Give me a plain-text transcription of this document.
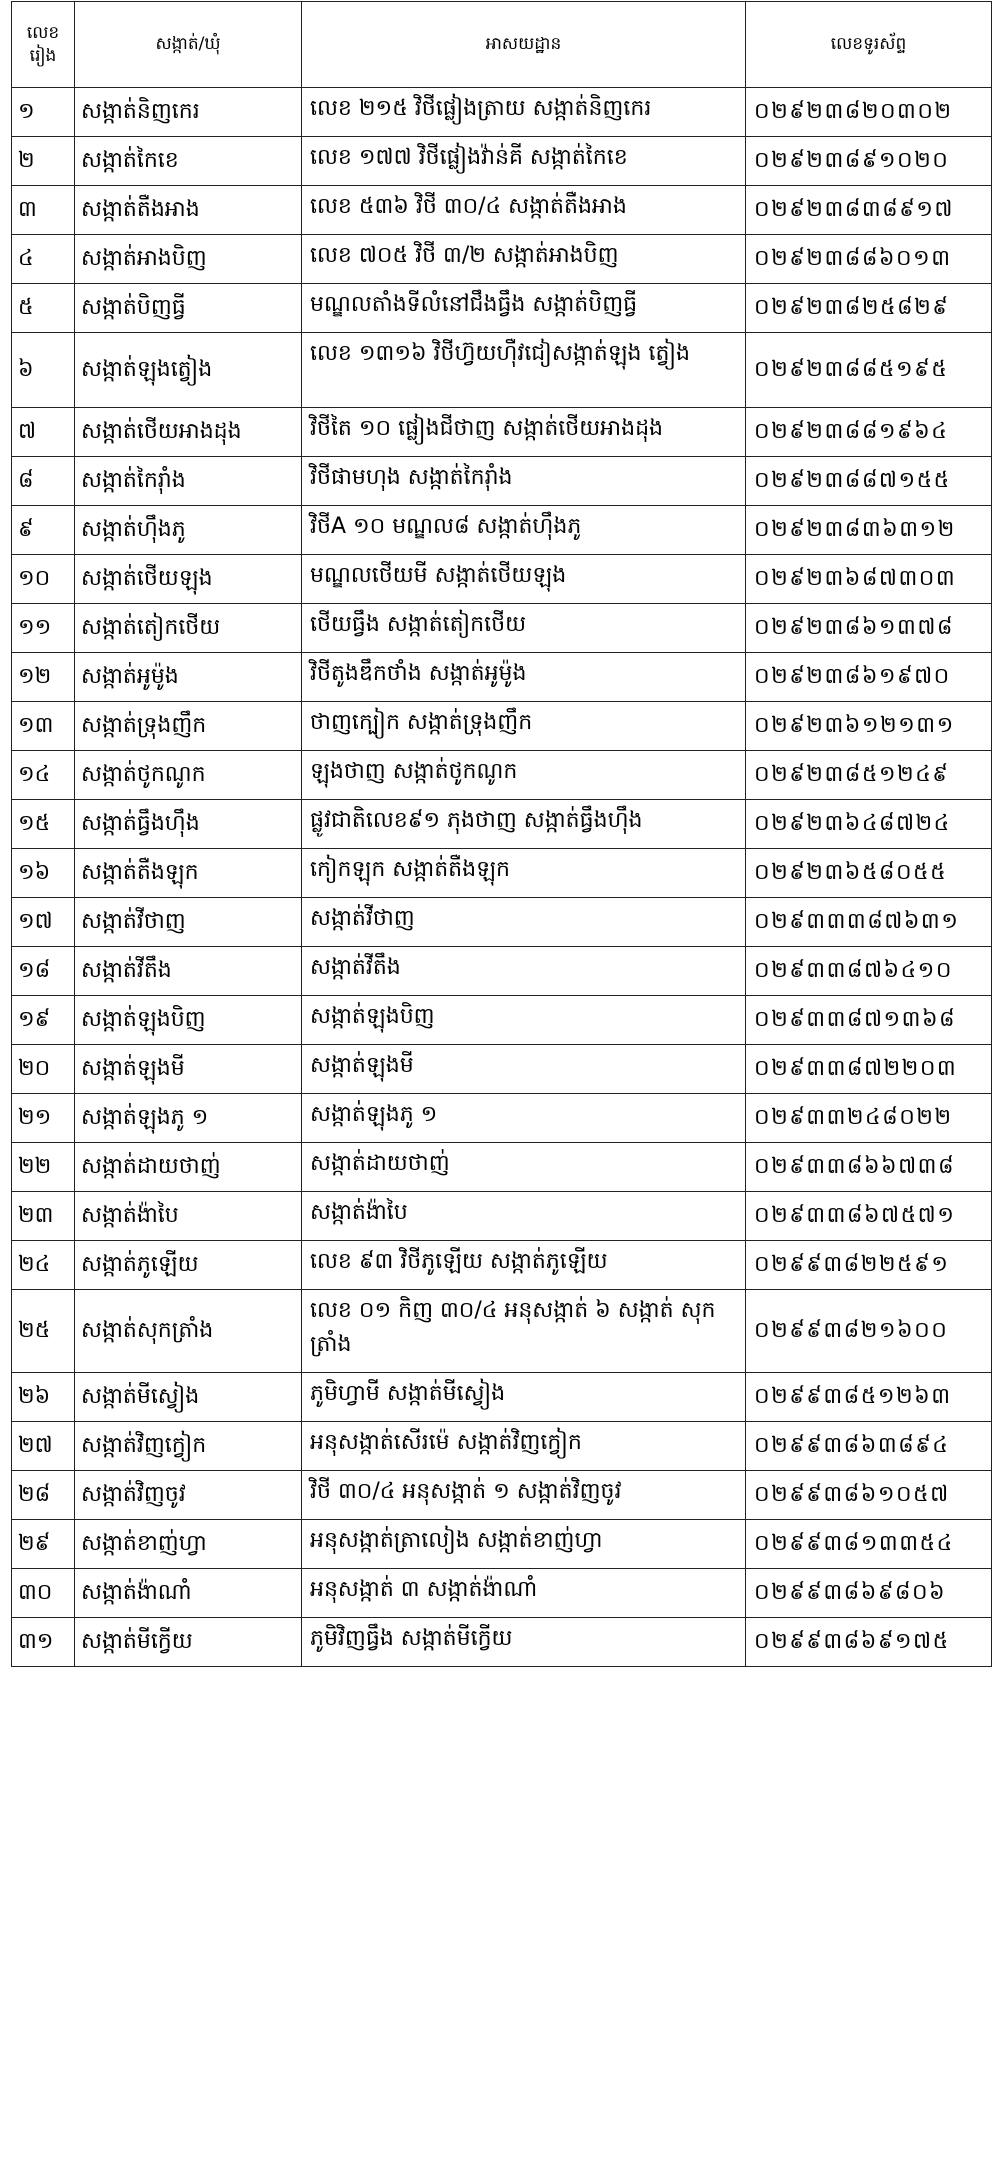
លេខ រៀង	សង្កាត់/ឃុំ	អាសយដ្ឋាន	លេខទូរស័ព្ទ
១	សង្កាត់និញកេរ	លេខ ២១៥ វិថីផ្លៀងត្រាយ សង្កាត់និញកេរ	០២៩២៣៨២០៣០២
២	សង្កាត់កៃខេ	លេខ ១៧៧ វិថីផ្លៀងវ៉ាន់គី សង្កាត់កៃខេ	០២៩២៣៨៩១០២០
៣	សង្កាត់តឺងអាង	លេខ ៥៣៦ វិថី ៣០/៤ សង្កាត់តឺងអាង	០២៩២៣៨៣៨៩១៧
៤	សង្កាត់អាងបិញ	លេខ ៧០៥ វិថី ៣/២ សង្កាត់អាងបិញ	០២៩២៣៨៨៦០១៣
៥	សង្កាត់បិញធ្វី	មណ្ឌលតាំងទីលំនៅជឹងធ្វឹង សង្កាត់បិញធ្វី	០២៩២៣៨២៥៨២៩
៦	សង្កាត់ឡុងត្វៀង	លេខ ១៣១៦ វិថីហ៊្វយហ៊ឺវជៀសង្កាត់ឡុង ត្វៀង	០២៩២៣៨៨៥១៩៥
៧	សង្កាត់ថើយអាងដុង	វិថីតៃ ១០ ផ្លៀងជីថាញ សង្កាត់ថើយអាងដុង	០២៩២៣៨៨១៩៦៤
៨	សង្កាត់កៃរ៉ាំង	វិថីផាមហុង សង្កាត់កៃរ៉ាំង	០២៩២៣៨៨៧១៥៥
៩	សង្កាត់ហ៊ឹងភូ	វិថីA ១០ មណ្ឌល៨ សង្កាត់ហ៊ឹងភូ	០២៩២៣៨៣៦៣១២
១០	សង្កាត់ថើយឡុង	មណ្ឌលថើយមី សង្កាត់ថើយឡុង	០២៩២៣៦៨៧៣០៣
១១	សង្កាត់តៀកថើយ	ថើយធ្វឹង សង្កាត់តៀកថើយ	០២៩២៣៨៦១៣៧៨
១២	សង្កាត់អូម៉ូង	វិថីតូងឌឹកថាំង សង្កាត់អូម៉ូង	០២៩២៣៨៦១៩៧០
១៣	សង្កាត់ទ្រុងញឹក	ថាញក្បៀក សង្កាត់ទ្រុងញឹក	០២៩២៣៦១២១៣១
១៤	សង្កាត់ថូកណូក	ឡុងថាញ សង្កាត់ថូកណូក	០២៩២៣៨៥១២៤៩
១៥	សង្កាត់ធ្វឹងហ៊ឹង	ផ្លូវជាតិលេខ៩១ ភុងថាញ សង្កាត់ធ្វឹងហ៊ឹង	០២៩២៣៦៤៨៧២៤
១៦	សង្កាត់តឺងឡុក	កៀកឡុក សង្កាត់តឺងឡុក	០២៩២៣៦៥៨០៥៥
១៧	សង្កាត់វីថាញ	សង្កាត់វីថាញ	០២៩៣៣៣៨៧៦៣១
១៨	សង្កាត់វីតឹង	សង្កាត់វីតឹង	០២៩៣៣៨៧៦៤១០
១៩	សង្កាត់ឡុងបិញ	សង្កាត់ឡុងបិញ	០២៩៣៣៨៧១៣៦៨
២០	សង្កាត់ឡុងមី	សង្កាត់ឡុងមី	០២៩៣៣៨៧២២០៣
២១	សង្កាត់ឡុងភូ ១	សង្កាត់ឡុងភូ ១	០២៩៣៣២៤៨០២២
២២	សង្កាត់ដាយថាញ់	សង្កាត់ដាយថាញ់	០២៩៣៣៨៦៦៧៣៨
២៣	សង្កាត់ង៉ាបៃ	សង្កាត់ង៉ាបៃ	០២៩៣៣៨៦៧៥៧១
២៤	សង្កាត់ភូឡើយ	លេខ ៩៣ វិថីភូឡើយ សង្កាត់ភូឡើយ	០២៩៩៣៨២២៥៩១
២៥	សង្កាត់សុកត្រាំង	លេខ ០១ កិញ ៣០/៤ អនុសង្កាត់ ៦ សង្កាត់ សុកត្រាំង	០២៩៩៣៨២១៦០០
២៦	សង្កាត់មីស្វៀង	ភូមិហ្វាមី សង្កាត់មីស្វៀង	០២៩៩៣៨៥១២៦៣
២៧	សង្កាត់វិញក្វៀក	អនុសង្កាត់សើរម៉េ សង្កាត់វិញក្វៀក	០២៩៩៣៨៦៣៨៩៤
២៨	សង្កាត់វិញចូវ	វិថី ៣០/៤ អនុសង្កាត់ ១ សង្កាត់វិញចូវ	០២៩៩៣៨៦១០៥៧
២៩	សង្កាត់ខាញ់ហ្វា	អនុសង្កាត់ត្រាលៀង សង្កាត់ខាញ់ហ្វា	០២៩៩៣៨១៣៣៥៤
៣០	សង្កាត់ង៉ាណាំ	អនុសង្កាត់ ៣ សង្កាត់ង៉ាណាំ	០២៩៩៣៨៦៩៨០៦
៣១	សង្កាត់មីក្វើយ	ភូមិវិញធ្វឹង សង្កាត់មីក្វើយ	០២៩៩៣៨៦៩១៧៥
